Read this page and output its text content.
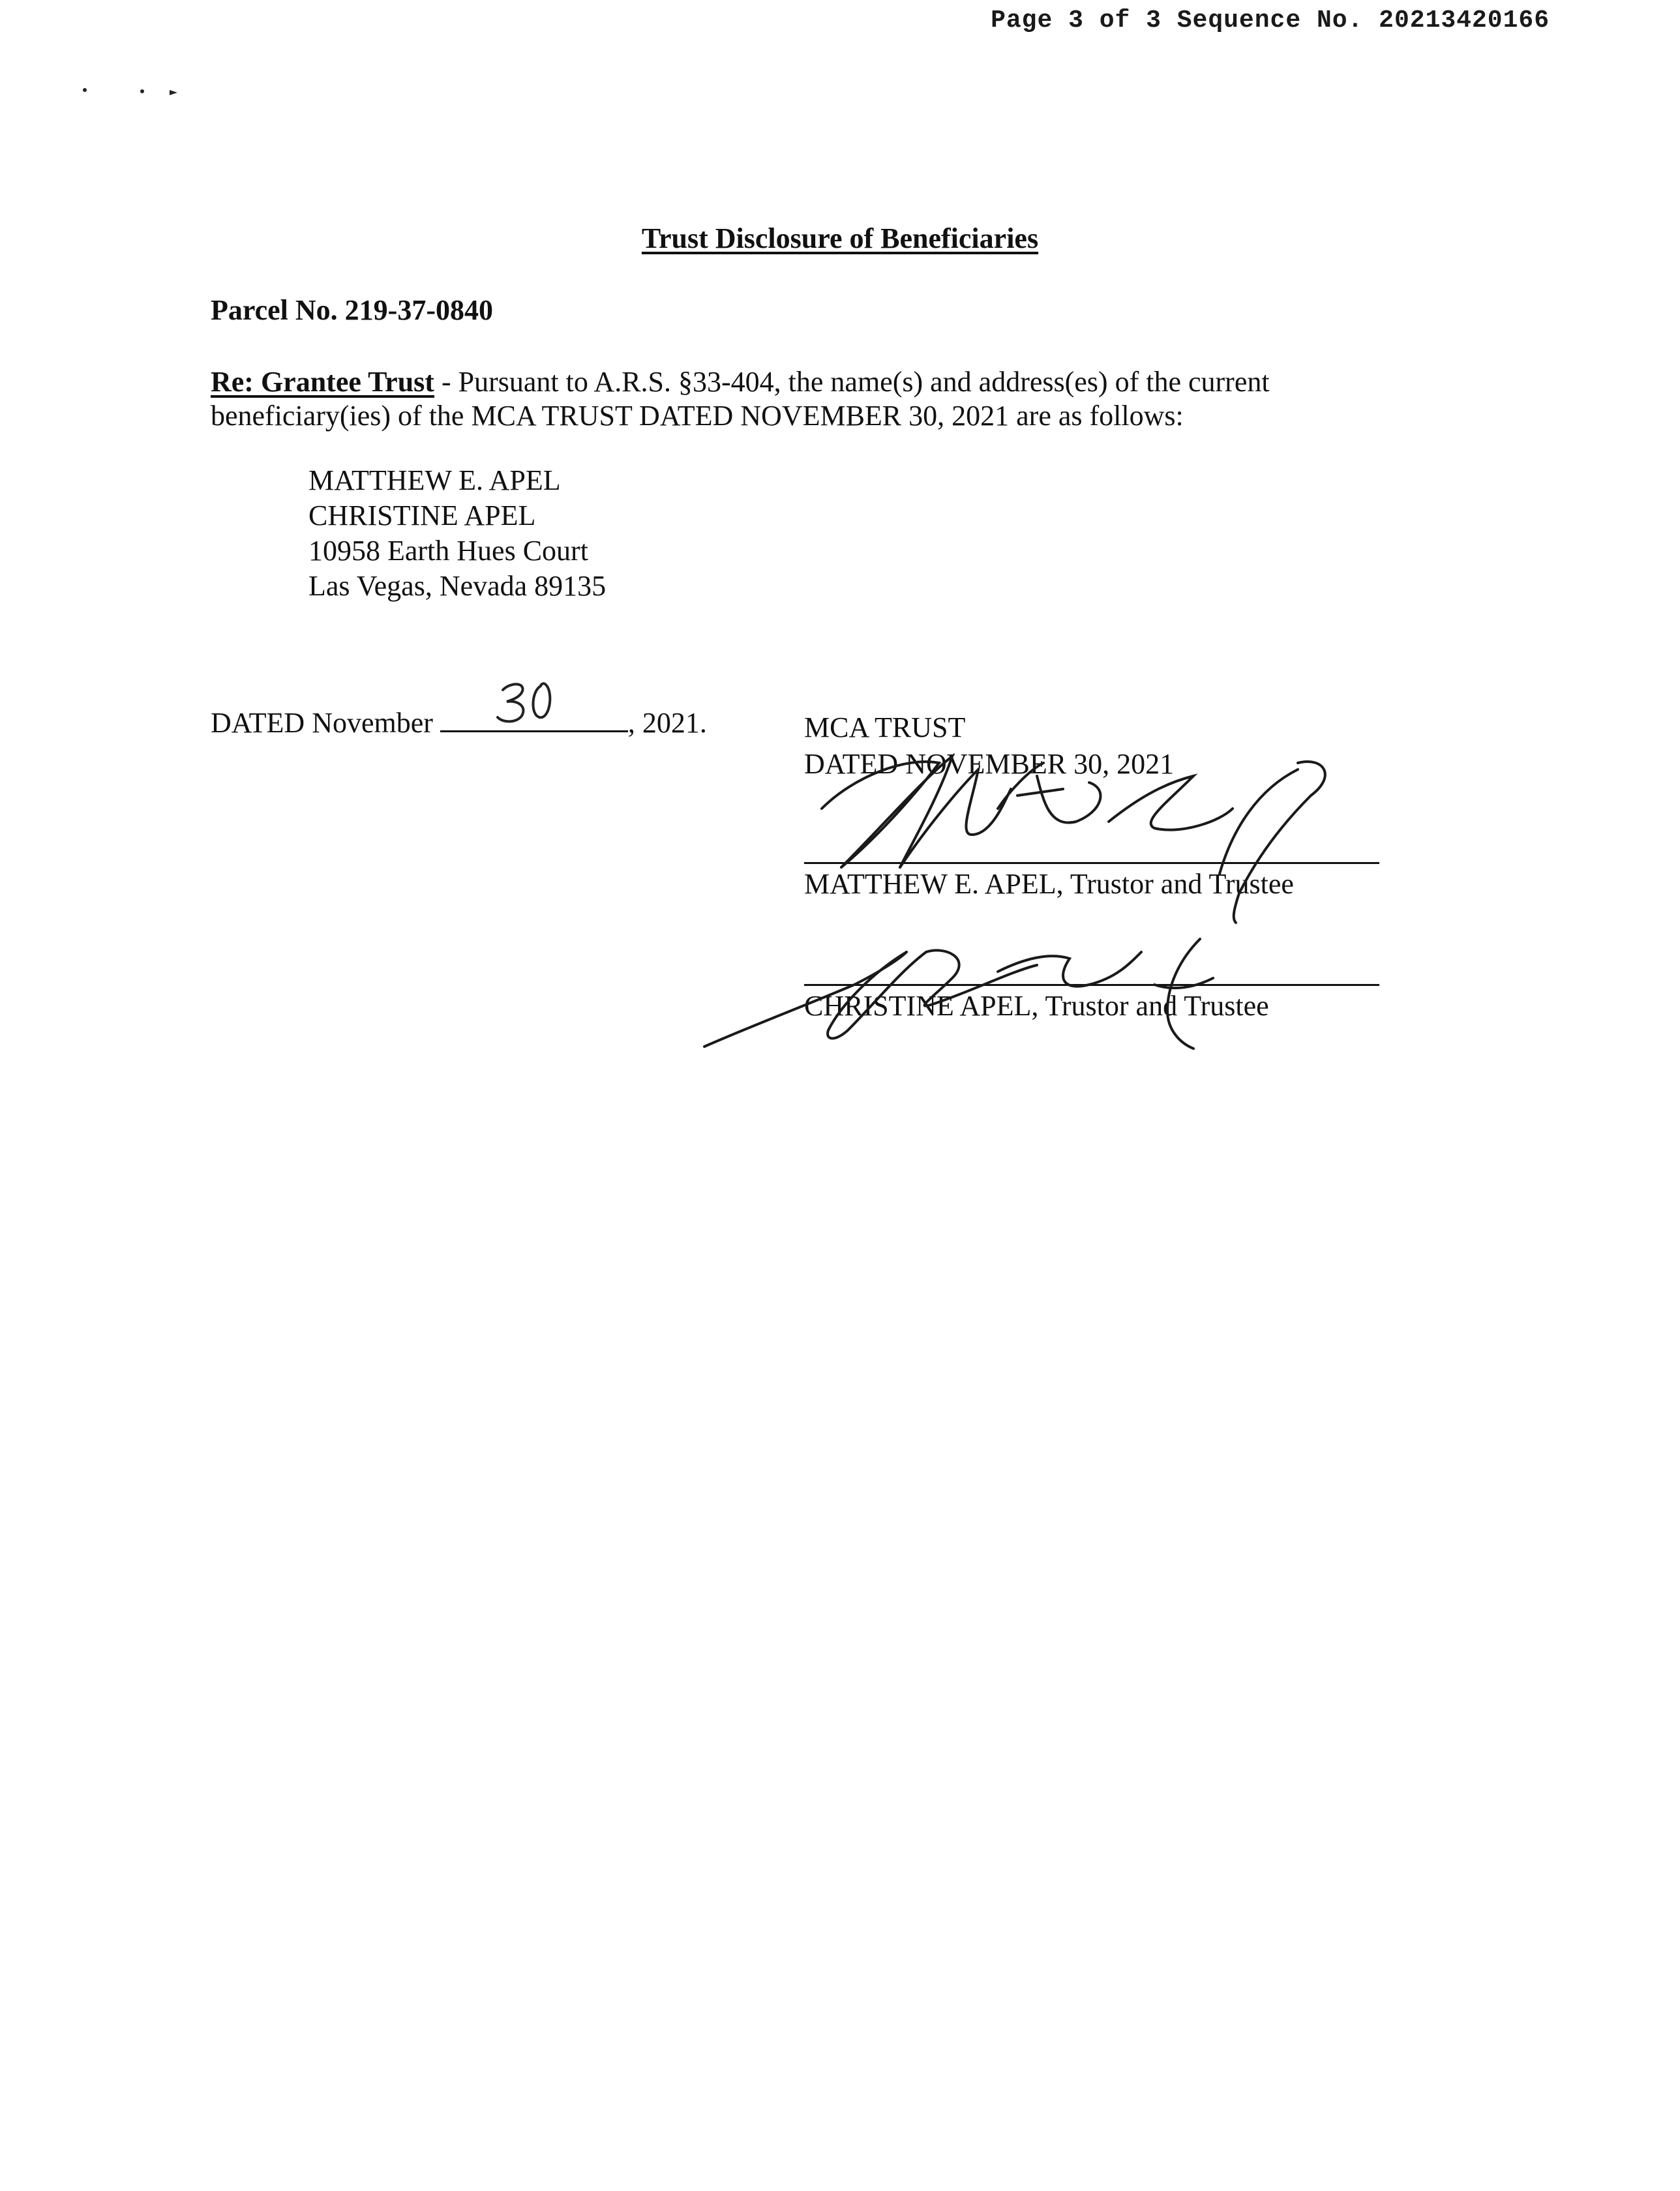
Page 3 of 3 Sequence No. 20213420166
Trust Disclosure of Beneficiaries
Parcel No. 219-37-0840
Re: Grantee Trust - Pursuant to A.R.S. §33-404, the name(s) and address(es) of the current
beneficiary(ies) of the MCA TRUST DATED NOVEMBER 30, 2021 are as follows:
MATTHEW E. APEL
CHRISTINE APEL
10958 Earth Hues Court
Las Vegas, Nevada 89135
DATED November	, 2021.	MCA TRUST
DATED NOVEMBER 30, 2021
MATTHEW E. APEL, Trustor and Trustee
CHRISTINE APEL, Trustor and Trustee
